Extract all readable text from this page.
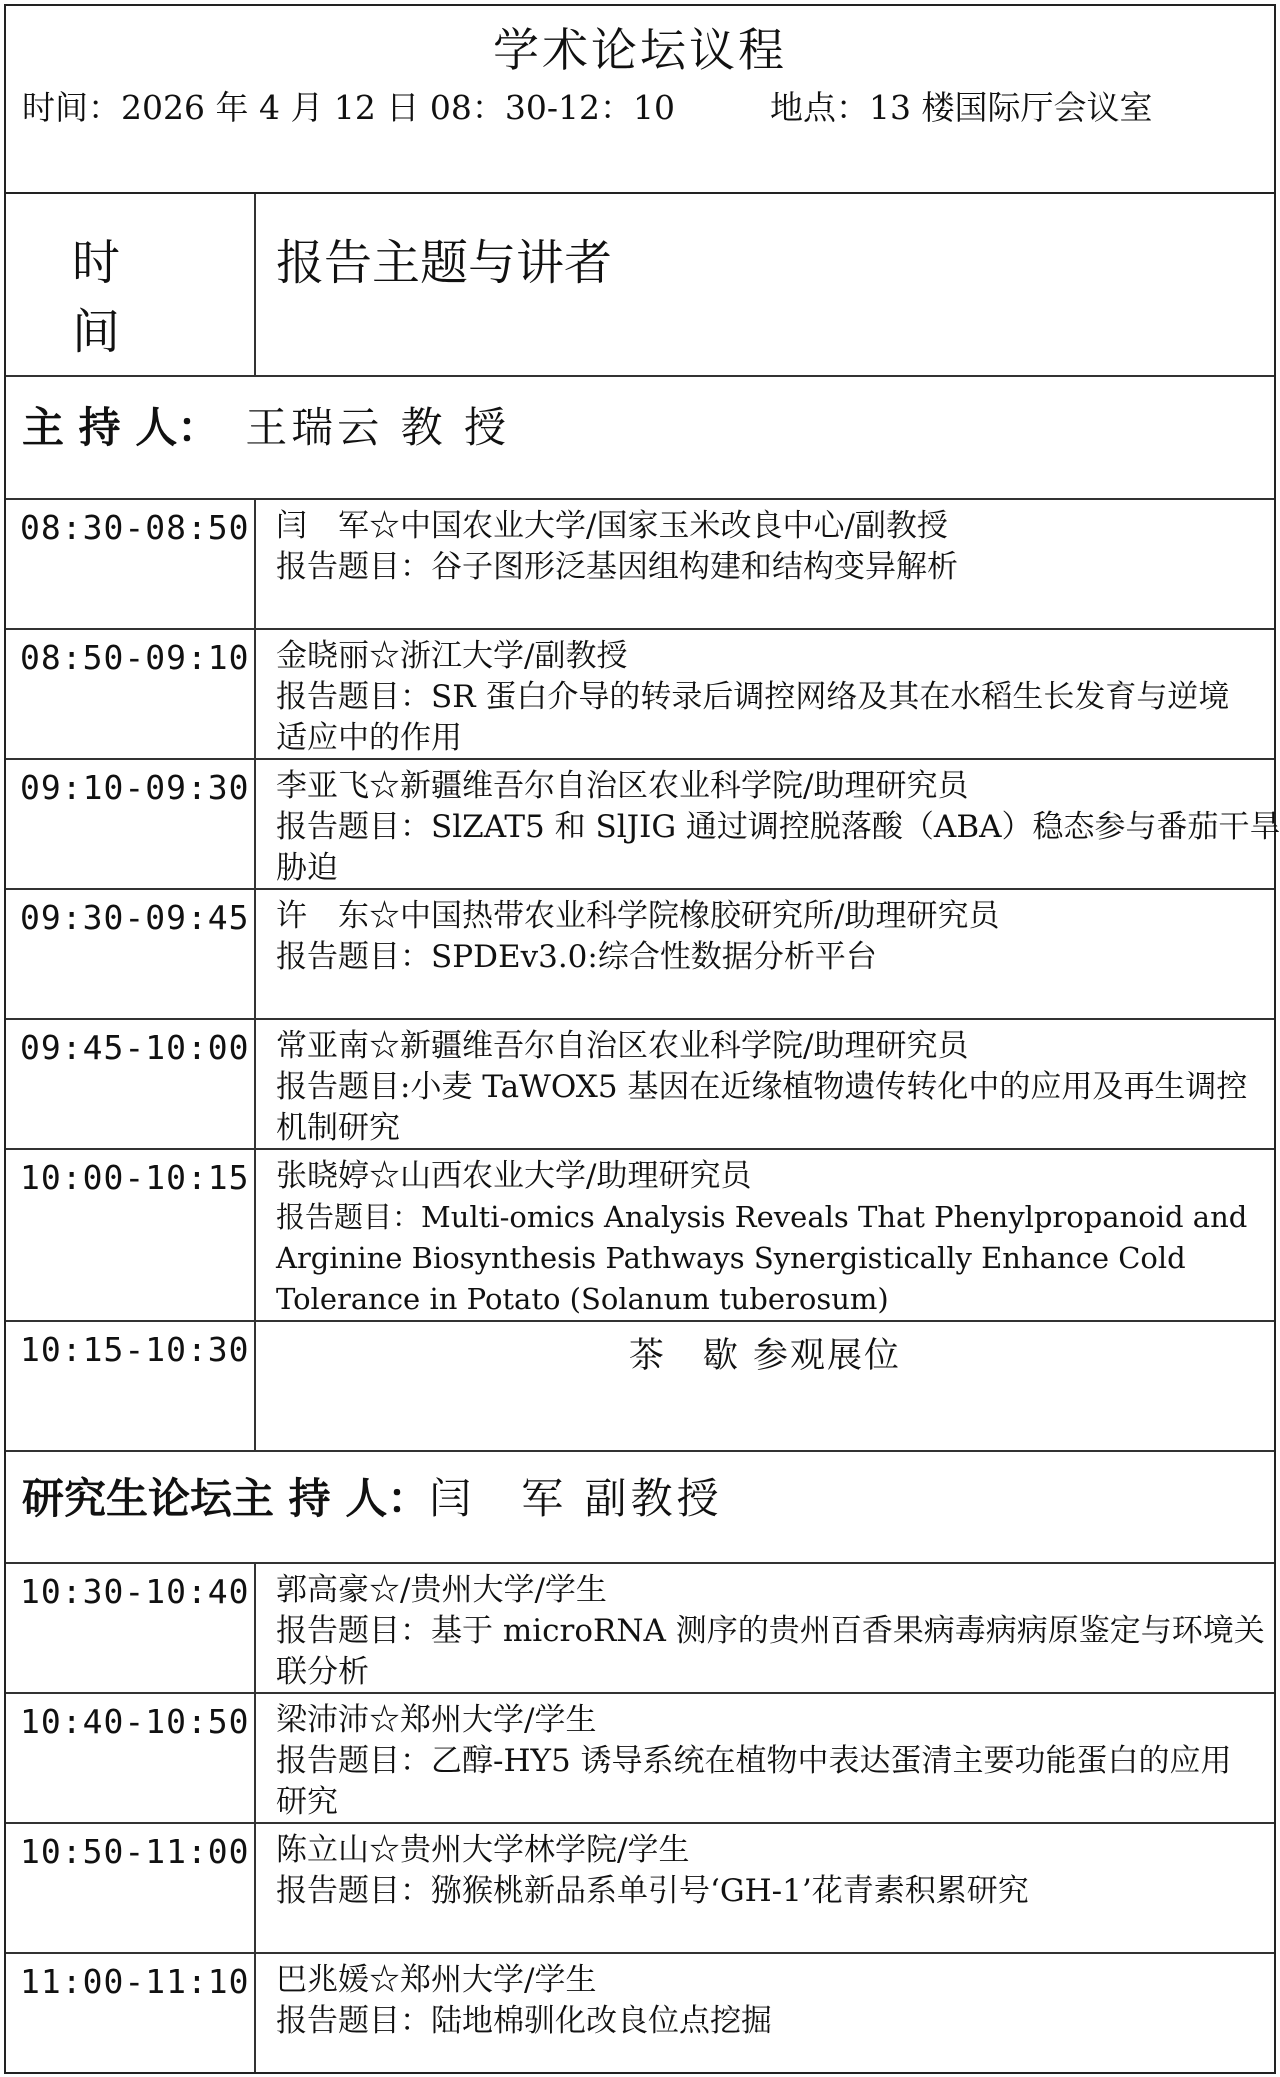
学术论坛议程
时间：2026 年 4 月 12 日 08：30-12：10	地点：13 楼国际厅会议室
时 间
报告主题与讲者
主 持 人： 王瑞云 教 授
08:30-08:50 闫　军☆中国农业大学/国家玉米改良中心/副教授
报告题目：谷子图形泛基因组构建和结构变异解析
08:50-09:10 金晓丽☆浙江大学/副教授
报告题目：SR 蛋白介导的转录后调控网络及其在水稻生长发育与逆境
适应中的作用
09:10-09:30 李亚飞☆新疆维吾尔自治区农业科学院/助理研究员
报告题目：SlZAT5 和 SlJIG 通过调控脱落酸（ABA）稳态参与番茄干旱
胁迫
09:30-09:45 许　东☆中国热带农业科学院橡胶研究所/助理研究员
报告题目：SPDEv3.0:综合性数据分析平台
09:45-10:00 常亚南☆新疆维吾尔自治区农业科学院/助理研究员
报告题目:小麦 TaWOX5 基因在近缘植物遗传转化中的应用及再生调控
机制研究
10:00-10:15 张晓婷☆山西农业大学/助理研究员
报告题目：Multi-omics Analysis Reveals That Phenylpropanoid and
Arginine Biosynthesis Pathways Synergistically Enhance Cold
Tolerance in Potato (Solanum tuberosum)
10:15-10:30	茶　歇 参观展位
研究生论坛主 持 人：闫　军 副教授
10:30-10:40 郭高豪☆/贵州大学/学生
报告题目：基于 microRNA 测序的贵州百香果病毒病病原鉴定与环境关
联分析
10:40-10:50 梁沛沛☆郑州大学/学生
报告题目：乙醇-HY5 诱导系统在植物中表达蛋清主要功能蛋白的应用
研究
10:50-11:00 陈立山☆贵州大学林学院/学生
报告题目：猕猴桃新品系单引号‘GH-1’花青素积累研究
11:00-11:10 巴兆媛☆郑州大学/学生
报告题目：陆地棉驯化改良位点挖掘
